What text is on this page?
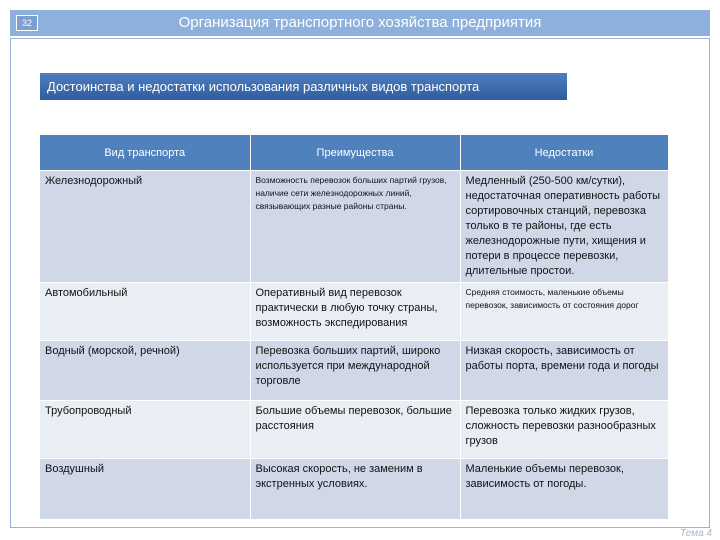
32	Организация транспортного хозяйства предприятия
Достоинства и недостатки использования различных видов транспорта
Вид транспорта	Преимущества	Недостатки
Железнодорожный	Возможность перевозок больших партий грузов, наличие сети железнодорожных линий, связывающих разные районы страны.	Медленный (250-500 км/сутки), недостаточная оперативность работы сортировочных станций, перевозка только в те районы, где есть железнодорожные пути, хищения и потери в процессе перевозки, длительные простои.
Автомобильный	Оперативный вид перевозок практически в любую точку страны, возможность экспедирования	Средняя стоимость, маленькие объемы перевозок, зависимость от состояния дорог
Водный (морской, речной)	Перевозка больших партий, широко используется при международной торговле	Низкая скорость, зависимость от работы порта, времени года и погоды
Трубопроводный	Большие объемы перевозок, большие расстояния	Перевозка только жидких грузов, сложность перевозки разнообразных грузов
Воздушный	Высокая скорость, не заменим в экстренных условиях.	Маленькие объемы перевозок, зависимость от погоды.
Тема 4
